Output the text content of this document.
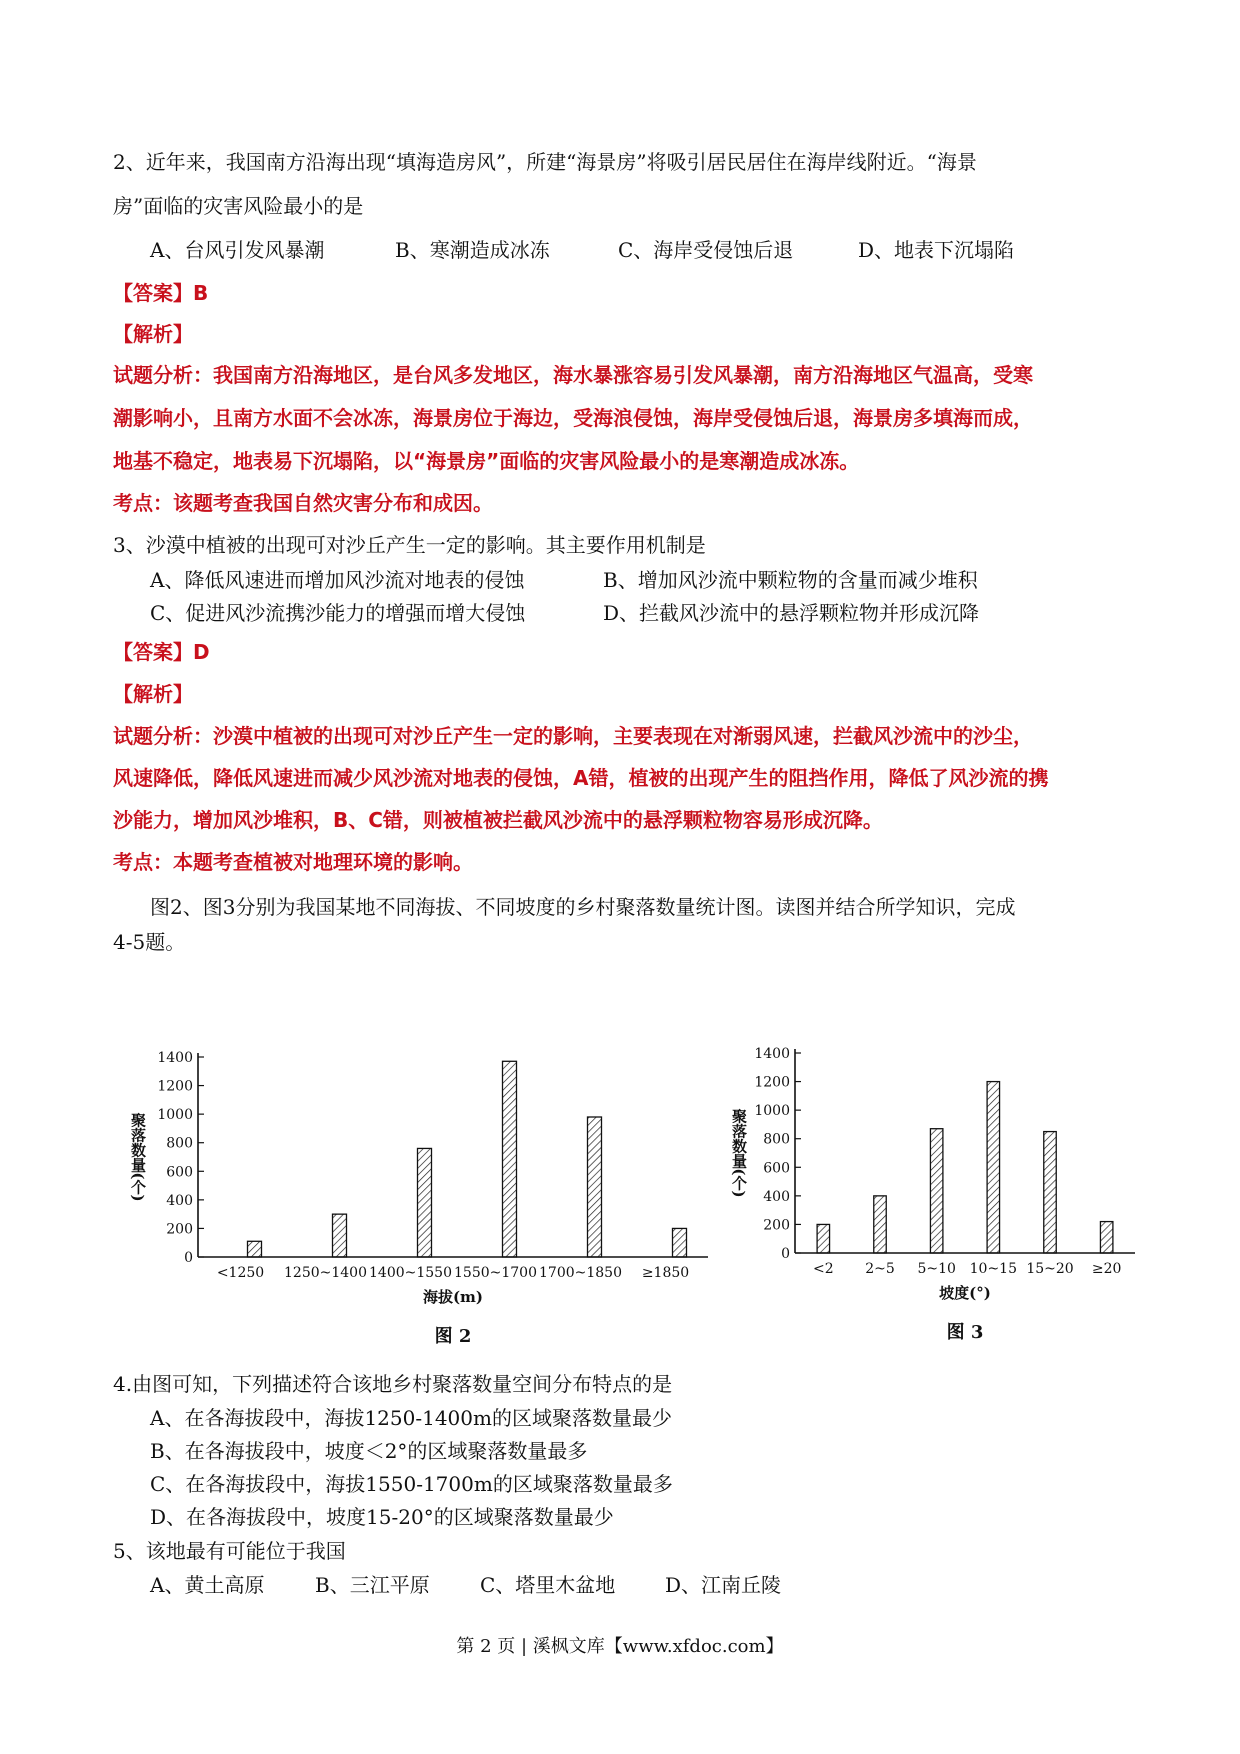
2、近年来，我国南方沿海出现“填海造房风”，所建“海景房”将吸引居民居住在海岸线附近。“海景
房”面临的灾害风险最小的是
A、台风引发风暴潮	B、寒潮造成冰冻	C、海岸受侵蚀后退	D、地表下沉塌陷
【答案】B
【解析】
试题分析：我国南方沿海地区，是台风多发地区，海水暴涨容易引发风暴潮，南方沿海地区气温高，受寒
潮影响小，且南方水面不会冰冻，海景房位于海边，受海浪侵蚀，海岸受侵蚀后退，海景房多填海而成，
地基不稳定，地表易下沉塌陷，以“海景房”面临的灾害风险最小的是寒潮造成冰冻。
考点：该题考查我国自然灾害分布和成因。
3、沙漠中植被的出现可对沙丘产生一定的影响。其主要作用机制是
A、降低风速进而增加风沙流对地表的侵蚀	B、增加风沙流中颗粒物的含量而减少堆积
C、促进风沙流携沙能力的增强而增大侵蚀	D、拦截风沙流中的悬浮颗粒物并形成沉降
【答案】D
【解析】
试题分析：沙漠中植被的出现可对沙丘产生一定的影响，主要表现在对渐弱风速，拦截风沙流中的沙尘，
风速降低，降低风速进而减少风沙流对地表的侵蚀，A错，植被的出现产生的阻挡作用，降低了风沙流的携
沙能力，增加风沙堆积，B、C错，则被植被拦截风沙流中的悬浮颗粒物容易形成沉降。
考点：本题考查植被对地理环境的影响。
图2、图3分别为我国某地不同海拔、不同坡度的乡村聚落数量统计图。读图并结合所学知识，完成
4-5题。
0
200
400
600
800
1000
1200
1400
<1250 1250~1400 1400~1550 1550~1700 1700~1850 ≥1850
聚落数量(个)
海拔(m)
图 2
0
200
400
600
800
1000
1200
1400
<2 2~5 5~10 10~15 15~20 ≥20
聚落数量(个)
坡度(°)
图 3
4.由图可知，下列描述符合该地乡村聚落数量空间分布特点的是
A、在各海拔段中，海拔1250-1400m的区域聚落数量最少
B、在各海拔段中，坡度＜2°的区域聚落数量最多
C、在各海拔段中，海拔1550-1700m的区域聚落数量最多
D、在各海拔段中，坡度15-20°的区域聚落数量最少
5、该地最有可能位于我国
A、黄土高原	B、三江平原	C、塔里木盆地 D、江南丘陵
第 2 页 | 溪枫文库【www.xfdoc.com】
